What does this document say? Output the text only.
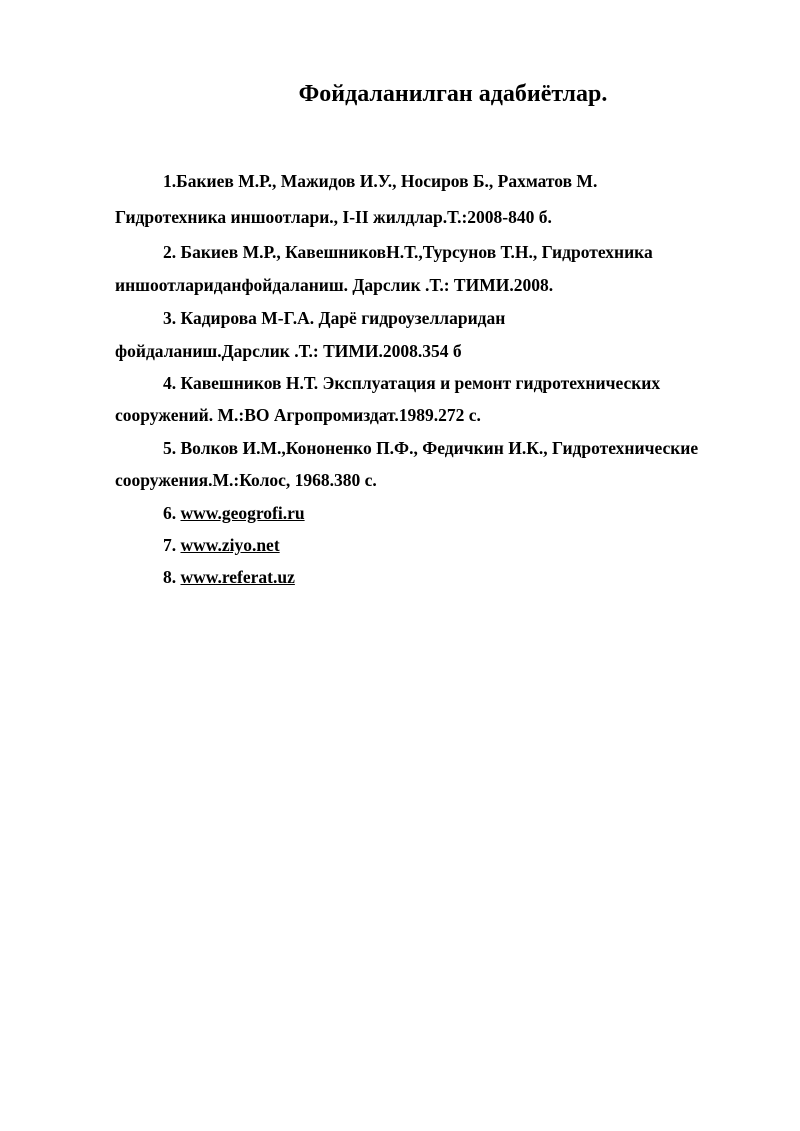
Фойдаланилган адабиётлар.
1.Бакиев М.Р., Мажидов И.У., Носиров Б., Рахматов М.
Гидротехника иншоотлари., I-II жилдлар.Т.:2008-840 б.
2. Бакиев М.Р., КавешниковН.Т.,Турсунов Т.Н., Гидротехника
иншоотлариданфойдаланиш. Дарслик .Т.: ТИМИ.2008.
3. Кадирова М-Г.А. Дарё гидроузелларидан
фойдаланиш.Дарслик .Т.: ТИМИ.2008.354 б
4. Кавешников Н.Т. Эксплуатация и ремонт гидротехнических
сооружений. М.:ВО Агропромиздат.1989.272 с.
5. Волков И.М.,Кононенко П.Ф., Федичкин И.К., Гидротехнические
сооружения.М.:Колос, 1968.380 с.
6. www.geogrofi.ru
7. www.ziyo.net
8. www.referat.uz
